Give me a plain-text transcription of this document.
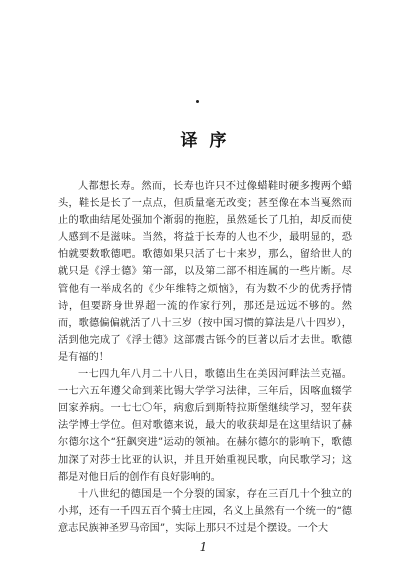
译序

人都想长寿。然而，长寿也许只不过像蜡鞋时硬多搜两个蜡头，鞋长是长了一点点，但质量毫无改变；甚至像在本当戛然而止的歌曲结尾处强加个渐弱的拖腔，虽然延长了几拍，却反而使人感到不是滋味。当然，将益于长寿的人也不少，最明显的，恐怕就要数歌德吧。歌德如果只活了七十来岁，那么，留给世人的就只是《浮士德》第一部，以及第二部不相连属的一些片断。尽管他有一举成名的《少年维特之烦恼》，有为数不少的优秀抒情诗，但要跻身世界超一流的作家行列，那还是远远不够的。然而，歌德偏偏就活了八十三岁（按中国习惯的算法是八十四岁），活到他完成了《浮士德》这部震古铄今的巨著以后才去世。歌德是有福的！

一七四九年八月二十八日，歌德出生在美因河畔法兰克福。一七六五年遵父命到莱比锡大学学习法律，三年后，因喀血辍学回家养病。一七七〇年，病愈后到斯特拉斯堡继续学习，翌年获法学博士学位。但对歌德来说，最大的收获却是在这里结识了赫尔德尔这个“狂飙突进”运动的领袖。在赫尔德尔的影响下，歌德加深了对莎士比亚的认识，并且开始重视民歌，向民歌学习；这都是对他日后的创作有良好影响的。

十八世纪的德国是一个分裂的国家，存在三百几十个独立的小邦，还有一千四五百个骑士庄园，名义上虽然有一个统一的“德意志民族神圣罗马帝国”，实际上那只不过是个摆设。一个大

1
